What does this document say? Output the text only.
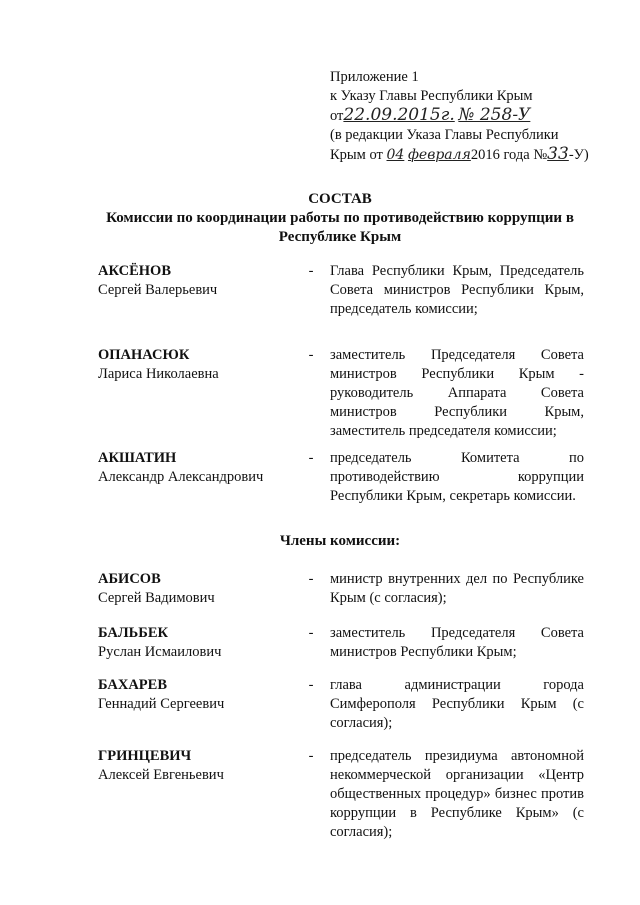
Приложение 1
к Указу Главы Республики Крым
от22.09.2015г. № 258-У
(в редакции Указа Главы Республики
Крым от 04 февраля2016 года №33-У)
СОСТАВ
Комиссии по координации работы по противодействию коррупции в Республике Крым
АКСЁНОВ
Сергей Валерьевич
- Глава Республики Крым, Председатель Совета министров Республики Крым, председатель комиссии;
ОПАНАСЮК
Лариса Николаевна
- заместитель Председателя Совета министров Республики Крым - руководитель Аппарата Совета министров Республики Крым, заместитель председателя комиссии;
АКШАТИН
Александр Александрович
- председатель Комитета по противодействию коррупции Республики Крым, секретарь комиссии.
Члены комиссии:
АБИСОВ
Сергей Вадимович
- министр внутренних дел по Республике Крым (с согласия);
БАЛЬБЕК
Руслан Исмаилович
- заместитель Председателя Совета министров Республики Крым;
БАХАРЕВ
Геннадий Сергеевич
- глава администрации города Симферополя Республики Крым (с согласия);
ГРИНЦЕВИЧ
Алексей Евгеньевич
- председатель президиума автономной некоммерческой организации «Центр общественных процедур» бизнес против коррупции в Республике Крым» (с согласия);
